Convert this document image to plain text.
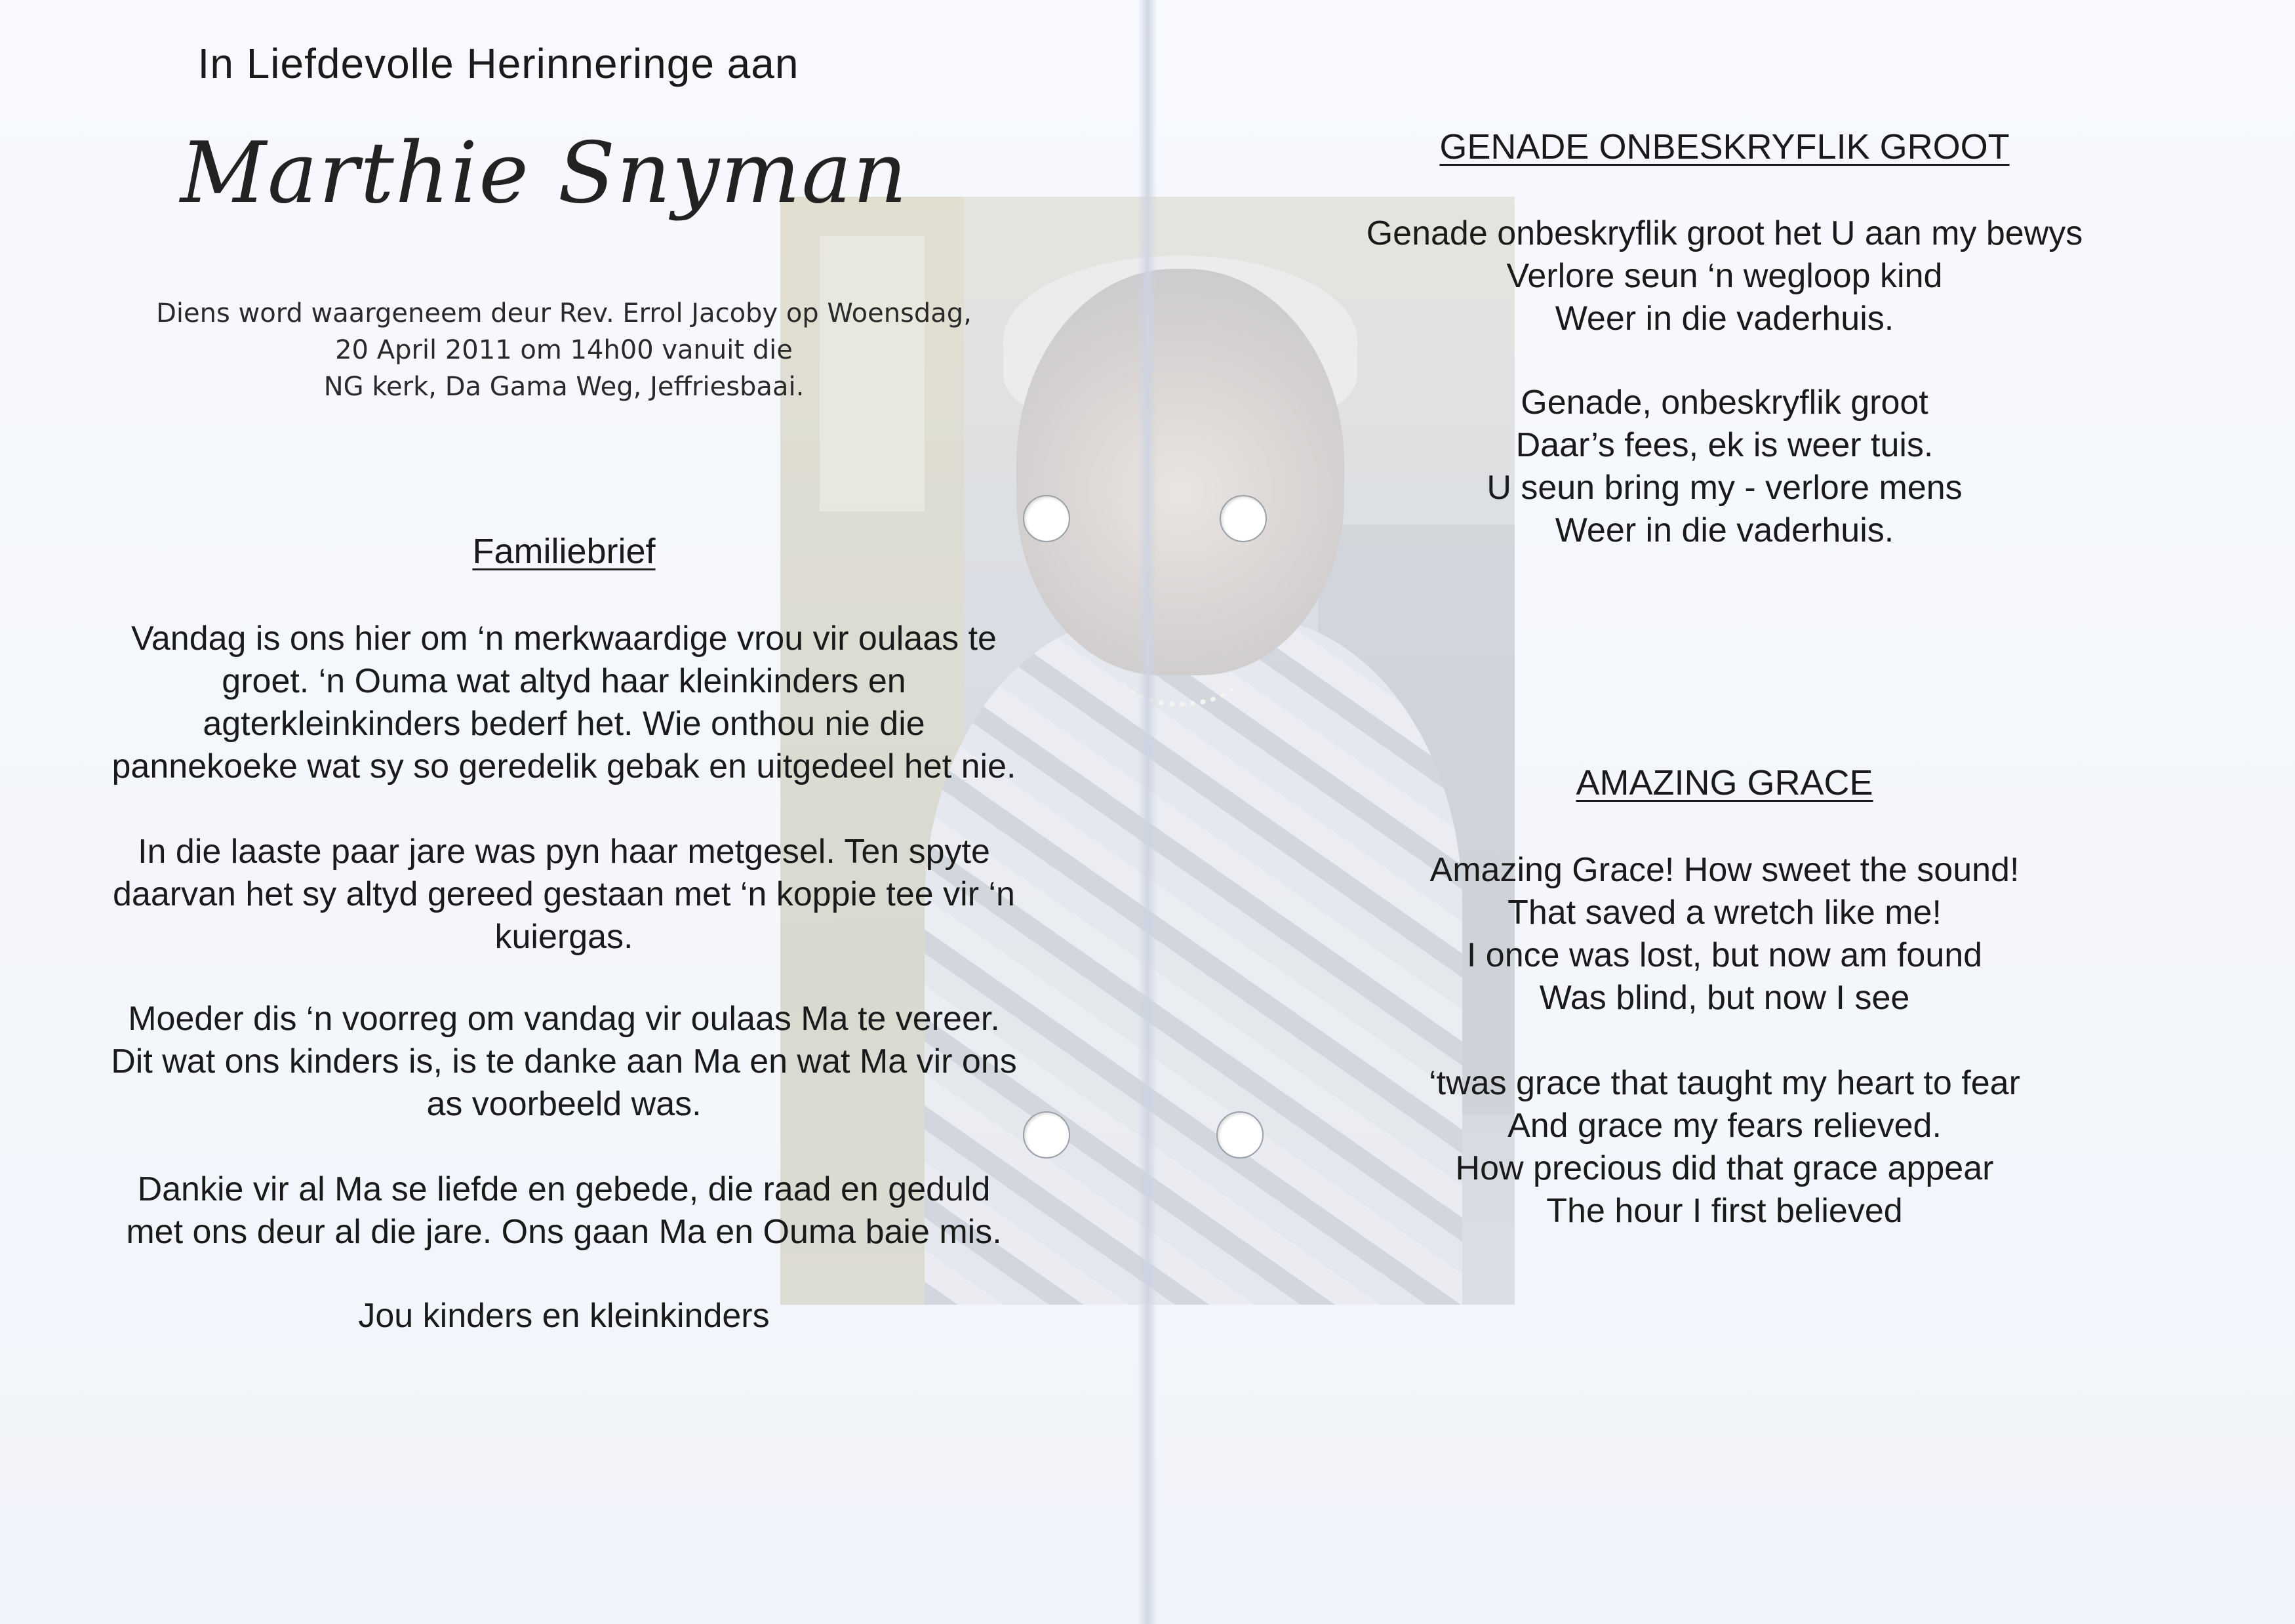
In Liefdevolle Herinneringe aan
Marthie Snyman
Diens word waargeneem deur Rev. Errol Jacoby op Woensdag,
20 April 2011 om 14h00 vanuit die
NG kerk, Da Gama Weg, Jeffriesbaai.
Familiebrief
Vandag is ons hier om ‘n merkwaardige vrou vir oulaas te
groet. ‘n Ouma wat altyd haar kleinkinders en
agterkleinkinders bederf het. Wie onthou nie die
pannekoeke wat sy so geredelik gebak en uitgedeel het nie.
In die laaste paar jare was pyn haar metgesel. Ten spyte
daarvan het sy altyd gereed gestaan met ‘n koppie tee vir ‘n
kuiergas.
Moeder dis ‘n voorreg om vandag vir oulaas Ma te vereer.
Dit wat ons kinders is, is te danke aan Ma en wat Ma vir ons
as voorbeeld was.
Dankie vir al Ma se liefde en gebede, die raad en geduld
met ons deur al die jare. Ons gaan Ma en Ouma baie mis.
Jou kinders en kleinkinders
GENADE ONBESKRYFLIK GROOT
Genade onbeskryflik groot het U aan my bewys
Verlore seun ‘n wegloop kind
Weer in die vaderhuis.
Genade, onbeskryflik groot
Daar’s fees, ek is weer tuis.
U seun bring my - verlore mens
Weer in die vaderhuis.
AMAZING GRACE
Amazing Grace! How sweet the sound!
That saved a wretch like me!
I once was lost, but now am found
Was blind, but now I see
‘twas grace that taught my heart to fear
And grace my fears relieved.
How precious did that grace appear
The hour I first believed
